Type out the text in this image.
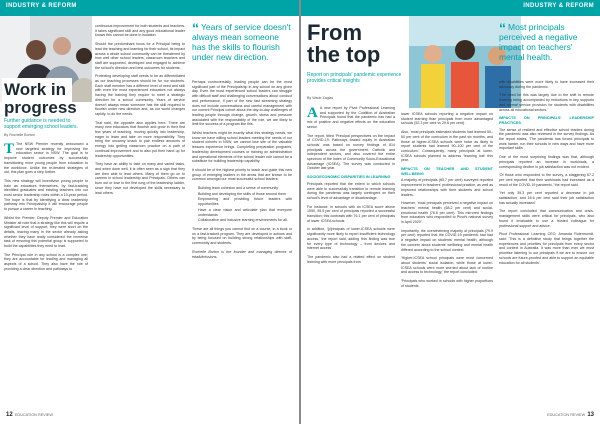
INDUSTRY & REFORM
Work in
progress
Further guidance is needed to support emerging school leaders.
By Rochelle Borton

T The NSW Premier recently announced a new targeted strategy for improving the education sector in NSW. The goal is to improve student outcomes by successfully transitioning more young people from education to the workforce. Unlike the re-iterated strategies of old, this plan goes a step further.

This new strategy will incentivise young people to train as educators themselves, by fast-tracking identified graduates and existing teachers into our most senior leadership roles within a 10-year period. The hope is that by identifying a clear leadership pathway into Principalship it will encourage people to pursue a career in teaching.

Whilst the Premier, Deputy Premier and Education Minister all note that a strategy like this will require a significant level of support, they were short on the details, leaving many in the sector already asking whether they have really considered the immense task of ensuring this potential group is supported to build the capabilities they need to lead.

The Principal role in any school is a complex one; they are accountable for leading and managing all aspects of a school. They also have the role of providing a clear direction and pathways to

continuous improvement for both students and teachers. It takes significant skill and any good educational leader knows this cannot be done in isolation.

Should the predominant focus for a Principal being to lead the teaching and learning for their school, its impact across a whole school community can be threatened by how well other school leaders, classroom teachers and staff are supported, developed and engaged to achieve the school's direction and best outcomes for students.

Protecting developing staff needs to be as differentiated as our teaching processes should be for our students. Each staff member has a different level of need and skill with even the most experienced educators not always having the training they require to meet a strategic direction for a school community. Years of service doesn't always mean someone has the skill required to flourish under new direction and, as our world changes rapidly, to do the needs.

That said, the opposite also applies here. There are many new educators that flourish and grow in their first few years of teaching, moving quickly into leadership, eager to learn and take on more responsibility. They bring the uncanny knack to pair endless amounts of energy into getting classroom practice on a path of continual improvement and to also put their hand up for leadership opportunities.

They have an ability to take on many and varied tasks, and when done well, it is often seen as a sign that they are then able to lead others. Many of them go on to careers in school leadership and Principals. Others can burn out or lose to the first rung of the leadership ladder, since they have not developed the skills necessary to lead others.

“ Years of service doesn't always mean someone has the skills to flourish under new direction.

Perhaps controversially, leading people can be the most significant part of the Principalship in any school on any given day. Even the most experienced school leaders can struggle with difficult staff and challenging conversations about conduct and performance. If part of the new fast streaming strategy does not include conversations and careful management with our current Principal cohort about the day-to-day challenges of leading people through change, growth, stress and pressure associated with the responsibility of the role, we are likely to limit the success of a program like this.

Whilst teachers might be exactly what this strategy needs, we know we have willing school leaders meeting the needs of our student cohorts in NSW, we cannot lose site of the valuable lessons experience brings. Completing preparation programs, leadership development courses or training on administration and operational elements of the school leader role cannot be a substitute for building leadership capability.

It should be of the highest priority to teach and guide this new group of emerging leaders in the areas that are known to be common amongst our most successful school leaders:

• Building team cohesion and a sense of community
• Building and developing the skills of those around them
• Empowering and providing future leaders with opportunities
• Have a clear vision and articulate plan that everyone understands
• Collaborative and inclusive learning environments for all.

These are all things you cannot find on a course, in a book or on a fast-tracked program. They are developed in actions and by being focused on building strong relationships with staff, community and students.

Rochelle Borton is the founder and managing director of edaAdmissions.

12 EDUCATION REVIEW
INDUSTRY & REFORM
From
the top
Report on principals' pandemic experience provides critical insights
By Wade Zaglas

A A new report by Pivot Professional Learning and supported by the Coalition of Australian Principals found that the pandemic has had a mix of positive and negative effects on the education sector.

The report, titled 'Principal perspectives on the impact of COVID-19: Pathways toward equity in Australian schools' was based on survey findings of 814 principals across the government, Catholic and independent sectors, and also covered the entire spectrum of the Index of Community Socio-Educational Advantage (ICSEA). The survey was conducted in October last year.

SOCIOECONOMIC DISPARITIES IN LEARNING

Principals reported that the extent to which schools were able to successfully transition to remote learning during the pandemic was largely contingent on their school's level of advantage or disadvantage.

For instance, in schools with an ICSEA score above 1050, 95.5 per cent of principals reported a successful transition; this contrasts with 76.1 per cent of principals of lower ICSEA schools.

In addition, '[p]rincipals of lower-ICSEA schools were significantly more likely to report insufficient technology access,' the report said, adding 'this finding was true for every type of technology – from devices and internet access'.

The pandemic also had a related effect on student learning with more principals from

lower ICSEA schools reporting a negative impact on student learning than principals from more advantaged schools (52.3 per cent vs 29.6 per cent).

Also, 'most principals estimated students had learned 50–60 per cent of the curriculum in the past six months, and those at higher-ICSEA schools were twice as likely to report students had learned 90–100 per cent of the curriculum.' Consequently, many principals at lower-ICSEA schools planned to address 'learning lost' this year.

IMPACTS ON TEACHER AND STUDENT WELLBEING

A majority of principals (65.7 per cent) surveyed reported improvement in teachers' professional practice, as well as improved relationships with their students and school leaders.

However, 'most principals perceived a negative impact on teachers' mental health (68.2 per cent) and social-emotional health (76.6 per cent). This mirrored findings from educators who responded to Pivot's national survey in April 2020'.

Importantly, the overwhelming majority of principals (79.9 per cent) reported that the COVID-19 pandemic had had a negative impact on students' mental health, although the concern about students' wellbeing and mental health differed according to the school context.

'Higher-ICSEA school principals were most concerned about students' social isolation, while those at lower-ICSEA schools were more worried about lack of routine and access to technology,' the report concluded.

'Principals who worked in schools with higher proportions of students

“ Most principals perceived a negative impact on teachers' mental health.

with disabilities were more likely to have increased their advocacy during the pandemic.

'The need for this was largely due to the shift to remote learning being accompanied by reductions in key supports and normal service provision for students with disabilities across all educational sectors.'

IMPACTS ON PRINCIPALS' LEADERSHIP PRACTICES

The sense of resilient and effective school leaders during the pandemic was also reviewed in the survey findings. As the report states, 'The pandemic has forced principals to work harder, run their schools in new ways and have more important skills'.

One of the most surprising findings was that, although principals reported an increase in workloads, a corresponding decline in job satisfaction was not evident.

'Of those who responded to the survey, a staggering 67.2 per cent reported that their workloads had increased as a result of the COVID-19 pandemic,' the report said.

'Yet only 39.3 per cent reported a decrease in job satisfaction, and 16.6 per cent said their job satisfaction has actually increased.'

The report concluded that communication and crisis-management skills were critical for principals, who also found it invaluable to use a trusted colleague for professional support and advice.

Pivot Professional Learning CEO, Amanda Rotermundt, said: 'This is a definitive study that brings together the experiences and priorities for principals from every sector and context in Australia. It was more than ever we must prioritise listening to our principals if we are to ensure our schools are future-proofed and able to support an equitable education for all students'.

EDUCATION REVIEW 13
